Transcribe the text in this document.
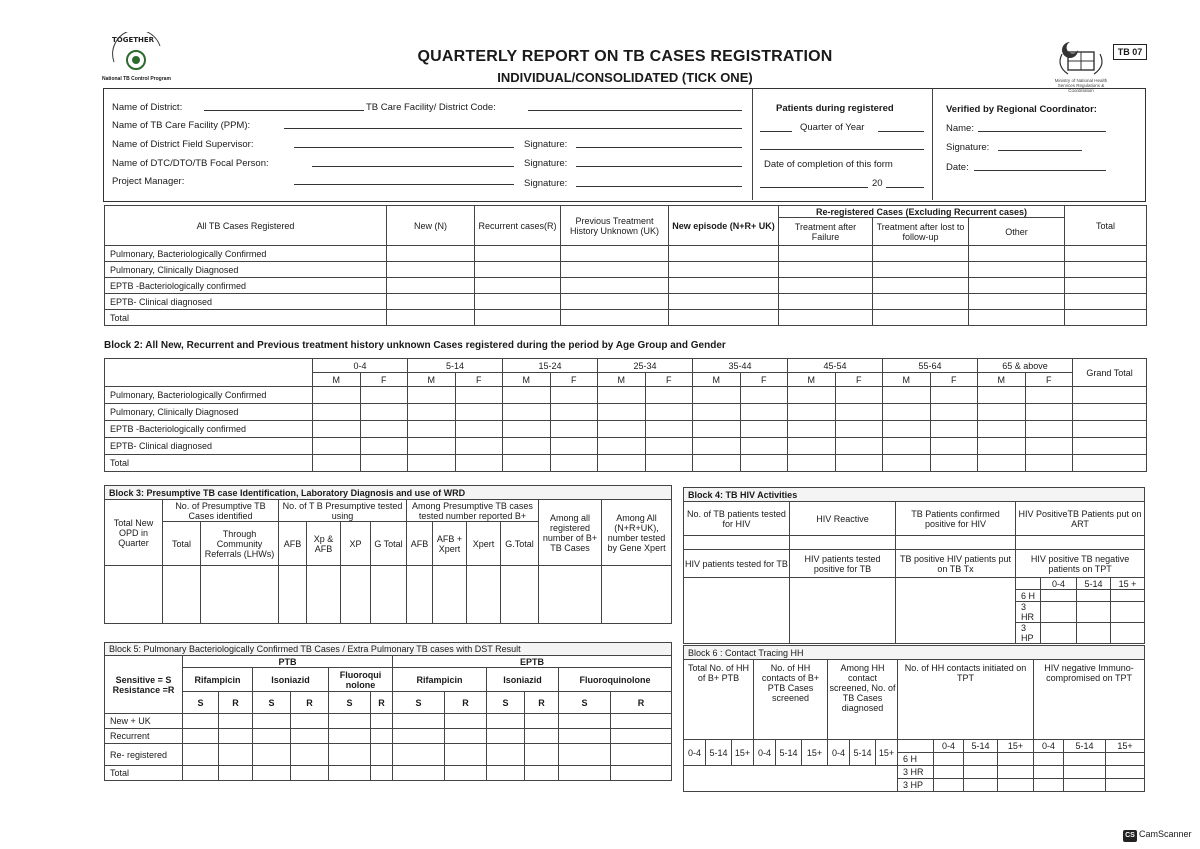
TOGETHER
National TB Control Program
QUARTERLY REPORT ON TB CASES REGISTRATION
INDIVIDUAL/CONSOLIDATED (TICK ONE)	Ministry of National Health Services Regulations & Coordination
TB 07
Name of District:	TB Care Facility/ District Code:
Name of TB Care Facility (PPM):
Name of District Field Supervisor:	Signature:
Name of DTC/DTO/TB Focal Person:	Signature:
Project Manager:	Signature:
Patients during registered
Quarter of Year
Date of completion of this form
20
Verified by Regional Coordinator:
Name:
Signature:
Date:
All TB Cases Registered	New (N)	Recurrent cases(R)	Previous Treatment History Unknown (UK)	New episode (N+R+ UK)	Re-registered Cases (Excluding Recurrent cases)			Total
					Treatment after Failure	Treatment after lost to follow-up	Other	
Pulmonary, Bacteriologically Confirmed								
Pulmonary, Clinically Diagnosed								
EPTB -Bacteriologically confirmed								
EPTB- Clinical diagnosed								
Total								
Block 2: All New, Recurrent and Previous treatment history unknown Cases registered during the period by Age Group and Gender
	0-4		5-14		15-24		25-34		35-44		45-54		55-64		65 & above		Grand Total
	M	F	M	F	M	F	M	F	M	F	M	F	M	F	M	F	
Pulmonary, Bacteriologically Confirmed																	
Pulmonary, Clinically Diagnosed																	
EPTB -Bacteriologically confirmed																	
EPTB- Clinical diagnosed																	
Total																	
Block 3: Presumptive TB case Identification, Laboratory Diagnosis and use of WRD												
Total New OPD in Quarter	No. of Presumptive TB Cases identified		No. of T B Presumptive tested using				Among Presumptive TB cases tested number reported B+				Among all registered number of B+ TB Cases	Among All (N+R+UK), number tested by Gene Xpert
	Total	Through Community Referrals (LHWs)	AFB	Xp & AFB	XP	G Total	AFB	AFB + Xpert	Xpert	G.Total		

Block 4: TB HIV Activities						
No. of TB patients tested for HIV	HIV Reactive	TB Patients confirmed positive for HIV	HIV PositiveTB Patients put on ART			

HIV patients tested for TB	HIV patients tested positive for TB	TB positive HIV patients put on TB Tx	HIV positive TB negative patients on TPT			
				0-4	5-14	15 +
			6 H			
			3 HR			
			3 HP			
Block 5: Pulmonary Bacteriologically Confirmed TB Cases / Extra Pulmonary TB cases with DST Result												
Sensitive = S Resistance =R	PTB						EPTB					
	Rifampicin		Isoniazid		Fluoroqui nolone		Rifampicin		Isoniazid		Fluoroquinolone	
	S	R	S	R	S	R	S	R	S	R	S	R
New + UK												
Recurrent												
Re- registered												
Total												
Block 6 : Contact Tracing HH															
Total No. of HH of B+ PTB			No. of HH contacts of B+ PTB Cases screened			Among HH contact screened, No. of TB Cases diagnosed			No. of HH contacts initiated on TPT				HIV negative Immuno- compromised on TPT		
0-4	5-14	15+	0-4	5-14	15+	0-4	5-14	15+		0-4	5-14	15+	0-4	5-14	15+
									6 H						
									3 HR						
									3 HP						
CS CamScanner
